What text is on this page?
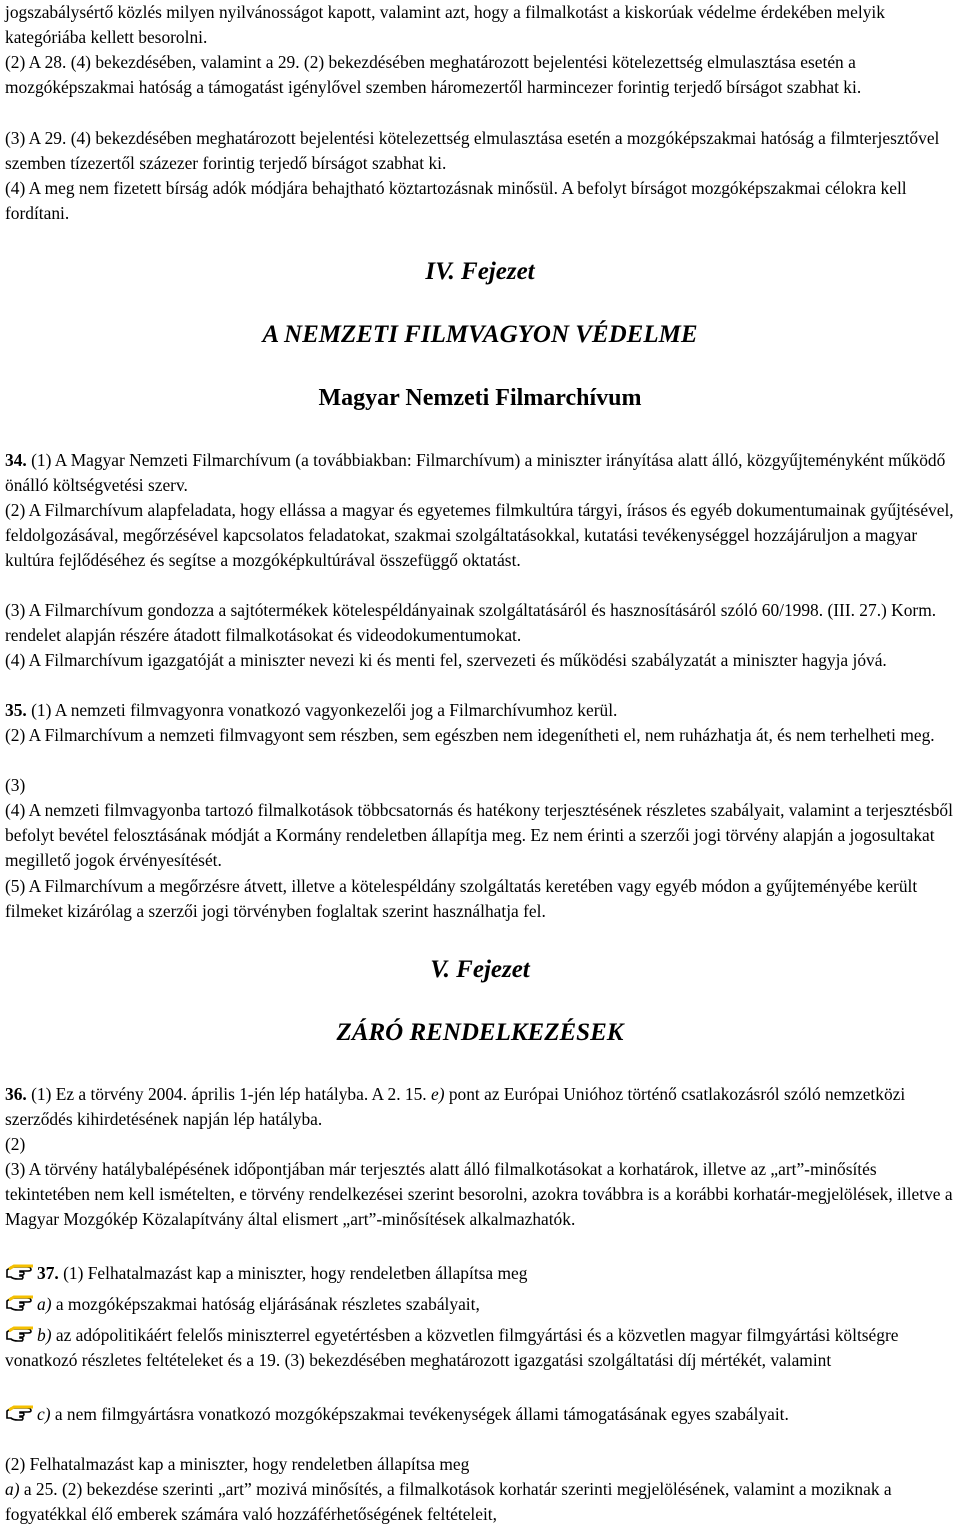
jogszabálysértő közlés milyen nyilvánosságot kapott, valamint azt, hogy a filmalkotást a kiskorúak védelme érdekében melyik kategóriába kellett besorolni.

(2) A 28. (4) bekezdésében, valamint a 29. (2) bekezdésében meghatározott bejelentési kötelezettség elmulasztása esetén a mozgóképszakmai hatóság a támogatást igénylővel szemben háromezertől harmincezer forintig terjedő bírságot szabhat ki.

(3) A 29. (4) bekezdésében meghatározott bejelentési kötelezettség elmulasztása esetén a mozgóképszakmai hatóság a filmterjesztővel szemben tízezertől százezer forintig terjedő bírságot szabhat ki.

(4) A meg nem fizetett bírság adók módjára behajtható köztartozásnak minősül. A befolyt bírságot mozgóképszakmai célokra kell fordítani.

IV. Fejezet
A NEMZETI FILMVAGYON VÉDELME
Magyar Nemzeti Filmarchívum

34. (1) A Magyar Nemzeti Filmarchívum (a továbbiakban: Filmarchívum) a miniszter irányítása alatt álló, közgyűjteményként működő önálló költségvetési szerv.

(2) A Filmarchívum alapfeladata, hogy ellássa a magyar és egyetemes filmkultúra tárgyi, írásos és egyéb dokumentumainak gyűjtésével, feldolgozásával, megőrzésével kapcsolatos feladatokat, szakmai szolgáltatásokkal, kutatási tevékenységgel hozzájáruljon a magyar kultúra fejlődéséhez és segítse a mozgóképkultúrával összefüggő oktatást.

(3) A Filmarchívum gondozza a sajtótermékek kötelespéldányainak szolgáltatásáról és hasznosításáról szóló 60/1998. (III. 27.) Korm. rendelet alapján részére átadott filmalkotásokat és videodokumentumokat.

(4) A Filmarchívum igazgatóját a miniszter nevezi ki és menti fel, szervezeti és működési szabályzatát a miniszter hagyja jóvá.

35. (1) A nemzeti filmvagyonra vonatkozó vagyonkezelői jog a Filmarchívumhoz kerül.

(2) A Filmarchívum a nemzeti filmvagyont sem részben, sem egészben nem idegenítheti el, nem ruházhatja át, és nem terhelheti meg.

(3)

(4) A nemzeti filmvagyonba tartozó filmalkotások többcsatornás és hatékony terjesztésének részletes szabályait, valamint a terjesztésből befolyt bevétel felosztásának módját a Kormány rendeletben állapítja meg. Ez nem érinti a szerzői jogi törvény alapján a jogosultakat megillető jogok érvényesítését.

(5) A Filmarchívum a megőrzésre átvett, illetve a kötelespéldány szolgáltatás keretében vagy egyéb módon a gyűjteményébe került filmeket kizárólag a szerzői jogi törvényben foglaltak szerint használhatja fel.

V. Fejezet
ZÁRÓ RENDELKEZÉSEK

36. (1) Ez a törvény 2004. április 1-jén lép hatályba. A 2. 15. e) pont az Európai Unióhoz történő csatlakozásról szóló nemzetközi szerződés kihirdetésének napján lép hatályba.

(2)

(3) A törvény hatálybalépésének időpontjában már terjesztés alatt álló filmalkotásokat a korhatárok, illetve az „art”-minősítés tekintetében nem kell ismételten, e törvény rendelkezései szerint besorolni, azokra továbbra is a korábbi korhatár-megjelölések, illetve a Magyar Mozgókép Közalapítvány által elismert „art”-minősítések alkalmazhatók.

37. (1) Felhatalmazást kap a miniszter, hogy rendeletben állapítsa meg

a) a mozgóképszakmai hatóság eljárásának részletes szabályait,

b) az adópolitikáért felelős miniszterrel egyetértésben a közvetlen filmgyártási és a közvetlen magyar filmgyártási költségre vonatkozó részletes feltételeket és a 19. (3) bekezdésében meghatározott igazgatási szolgáltatási díj mértékét, valamint

c) a nem filmgyártásra vonatkozó mozgóképszakmai tevékenységek állami támogatásának egyes szabályait.

(2) Felhatalmazást kap a miniszter, hogy rendeletben állapítsa meg

a) a 25. (2) bekezdése szerinti „art” mozivá minősítés, a filmalkotások korhatár szerinti megjelölésének, valamint a moziknak a fogyatékkal élő emberek számára való hozzáférhetőségének feltételeit,
